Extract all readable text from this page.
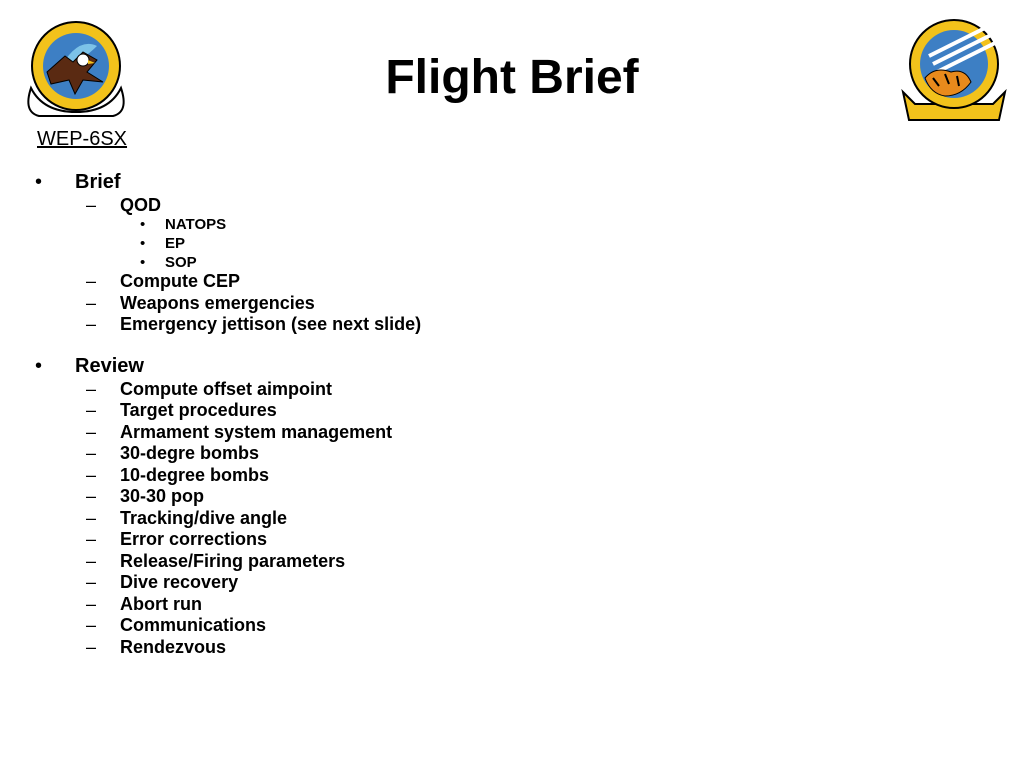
Flight Brief
WEP-6SX
• Brief
– QOD
• NATOPS
• EP
• SOP
– Compute CEP
– Weapons emergencies
– Emergency jettison (see next slide)
• Review
– Compute offset aimpoint
– Target procedures
– Armament system management
– 30-degre bombs
– 10-degree bombs
– 30-30 pop
– Tracking/dive angle
– Error corrections
– Release/Firing parameters
– Dive recovery
– Abort run
– Communications
– Rendezvous
